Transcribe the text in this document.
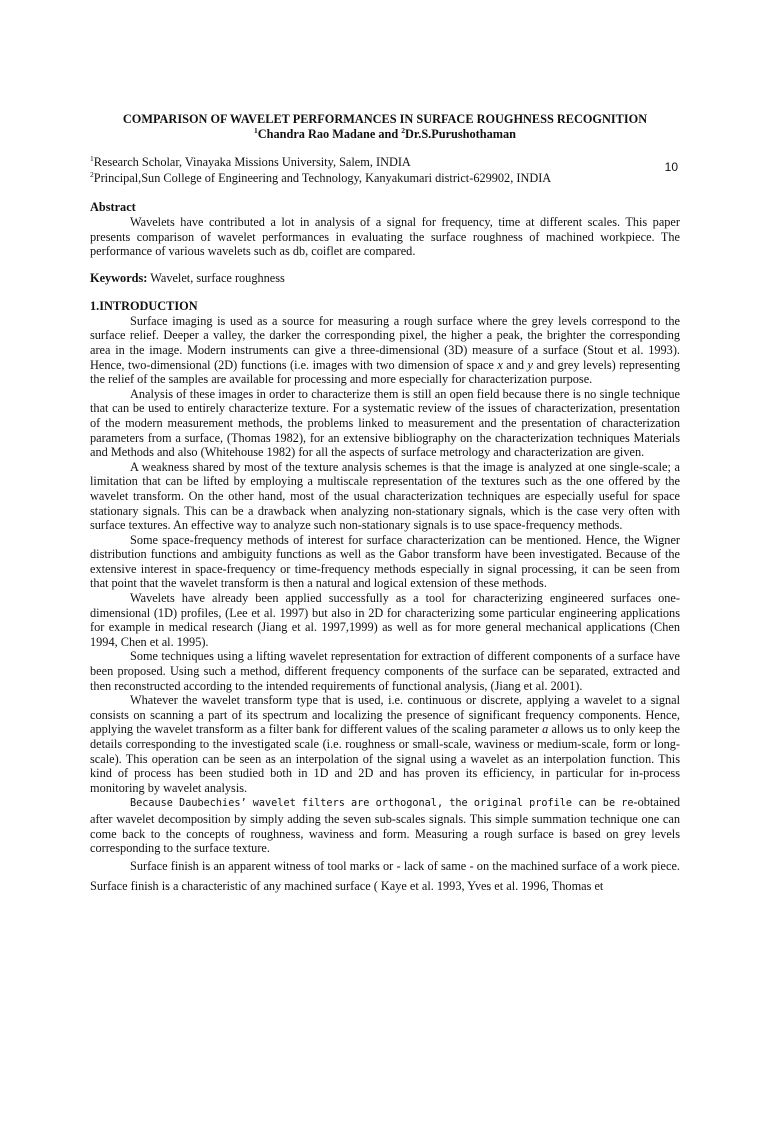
10
COMPARISON OF WAVELET PERFORMANCES IN SURFACE ROUGHNESS RECOGNITION
$^1$Chandra Rao Madane and $^2$Dr.S.Purushothaman
$^1$Research Scholar, Vinayaka Missions University, Salem, INDIA
$^2$Principal,Sun College of Engineering and Technology, Kanyakumari district-629902, INDIA
Abstract

Wavelets have contributed a lot in analysis of a signal for frequency, time at different scales. This paper presents comparison of wavelet performances in evaluating the surface roughness of machined workpiece. The performance of various wavelets such as db, coiflet are compared.

Keywords: Wavelet, surface roughness
1.INTRODUCTION

Surface imaging is used as a source for measuring a rough surface where the grey levels correspond to the surface relief. Deeper a valley, the darker the corresponding pixel, the higher a peak, the brighter the corresponding area in the image. Modern instruments can give a three-dimensional (3D) measure of a surface (Stout et al. 1993). Hence, two-dimensional (2D) functions (i.e. images with two dimension of space x and y and grey levels) representing the relief of the samples are available for processing and more especially for characterization purpose.

Analysis of these images in order to characterize them is still an open field because there is no single technique that can be used to entirely characterize texture. For a systematic review of the issues of characterization, presentation of the modern measurement methods, the problems linked to measurement and the presentation of characterization parameters from a surface, (Thomas 1982), for an extensive bibliography on the characterization techniques Materials and Methods and also (Whitehouse 1982) for all the aspects of surface metrology and characterization are given.

A weakness shared by most of the texture analysis schemes is that the image is analyzed at one single-scale; a limitation that can be lifted by employing a multiscale representation of the textures such as the one offered by the wavelet transform. On the other hand, most of the usual characterization techniques are especially useful for space stationary signals. This can be a drawback when analyzing non-stationary signals, which is the case very often with surface textures. An effective way to analyze such non-stationary signals is to use space-frequency methods.

Some space-frequency methods of interest for surface characterization can be mentioned. Hence, the Wigner distribution functions and ambiguity functions as well as the Gabor transform have been investigated. Because of the extensive interest in space-frequency or time-frequency methods especially in signal processing, it can be seen from that point that the wavelet transform is then a natural and logical extension of these methods.

Wavelets have already been applied successfully as a tool for characterizing engineered surfaces one-dimensional (1D) profiles, (Lee et al. 1997) but also in 2D for characterizing some particular engineering applications for example in medical research (Jiang et al. 1997,1999) as well as for more general mechanical applications (Chen 1994, Chen et al. 1995).

Some techniques using a lifting wavelet representation for extraction of different components of a surface have been proposed. Using such a method, different frequency components of the surface can be separated, extracted and then reconstructed according to the intended requirements of functional analysis, (Jiang et al. 2001).

Whatever the wavelet transform type that is used, i.e. continuous or discrete, applying a wavelet to a signal consists on scanning a part of its spectrum and localizing the presence of significant frequency components. Hence, applying the wavelet transform as a filter bank for different values of the scaling parameter a allows us to only keep the details corresponding to the investigated scale (i.e. roughness or small-scale, waviness or medium-scale, form or long-scale). This operation can be seen as an interpolation of the signal using a wavelet as an interpolation function. This kind of process has been studied both in 1D and 2D and has proven its efficiency, in particular for in-process monitoring by wavelet analysis.

Because Daubechies’ wavelet filters are orthogonal, the original profile can be re-obtained after wavelet decomposition by simply adding the seven sub-scales signals. This simple summation technique one can come back to the concepts of roughness, waviness and form. Measuring a rough surface is based on grey levels corresponding to the surface texture.

Surface finish is an apparent witness of tool marks or - lack of same - on the machined surface of a work piece. Surface finish is a characteristic of any machined surface ( Kaye et al. 1993, Yves et al. 1996, Thomas et
